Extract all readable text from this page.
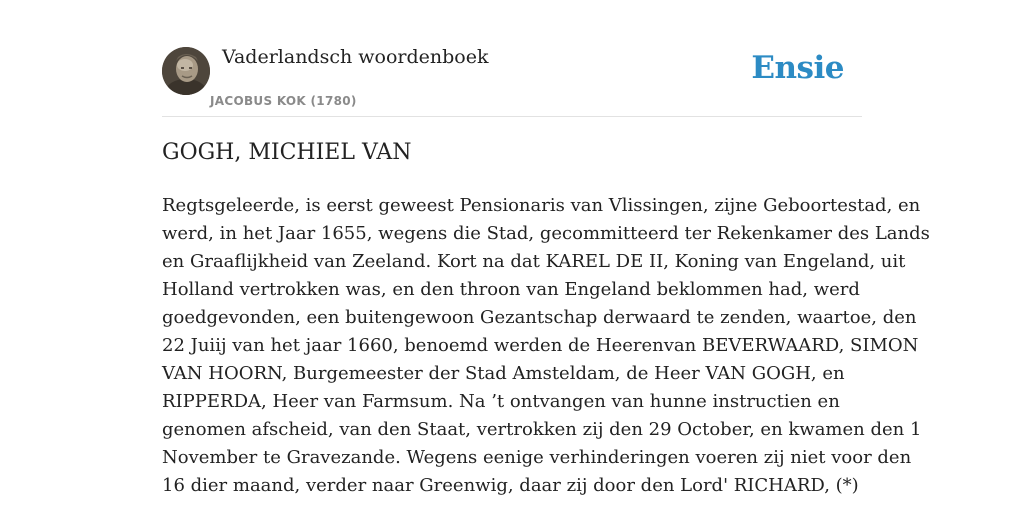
Vaderlandsch woordenboek
JACOBUS KOK (1780)
Ensie
GOGH, MICHIEL VAN
Regtsgeleerde, is eerst geweest Pensionaris van Vlissingen, zijne Geboortestad, en
werd, in het Jaar 1655, wegens die Stad, gecommitteerd ter Rekenkamer des Lands
en Graaflijkheid van Zeeland. Kort na dat KAREL DE II, Koning van Engeland, uit
Holland vertrokken was, en den throon van Engeland beklommen had, werd
goedgevonden, een buitengewoon Gezantschap derwaard te zenden, waartoe, den
22 Juiij van het jaar 1660, benoemd werden de Heerenvan BEVERWAARD, SIMON
VAN HOORN, Burgemeester der Stad Amsteldam, de Heer VAN GOGH, en
RIPPERDA, Heer van Farmsum. Na ’t ontvangen van hunne instructien en
genomen afscheid, van den Staat, vertrokken zij den 29 October, en kwamen den 1
November te Gravezande. Wegens eenige verhinderingen voeren zij niet voor den
16 dier maand, verder naar Greenwig, daar zij door den Lord' RICHARD, (*)
